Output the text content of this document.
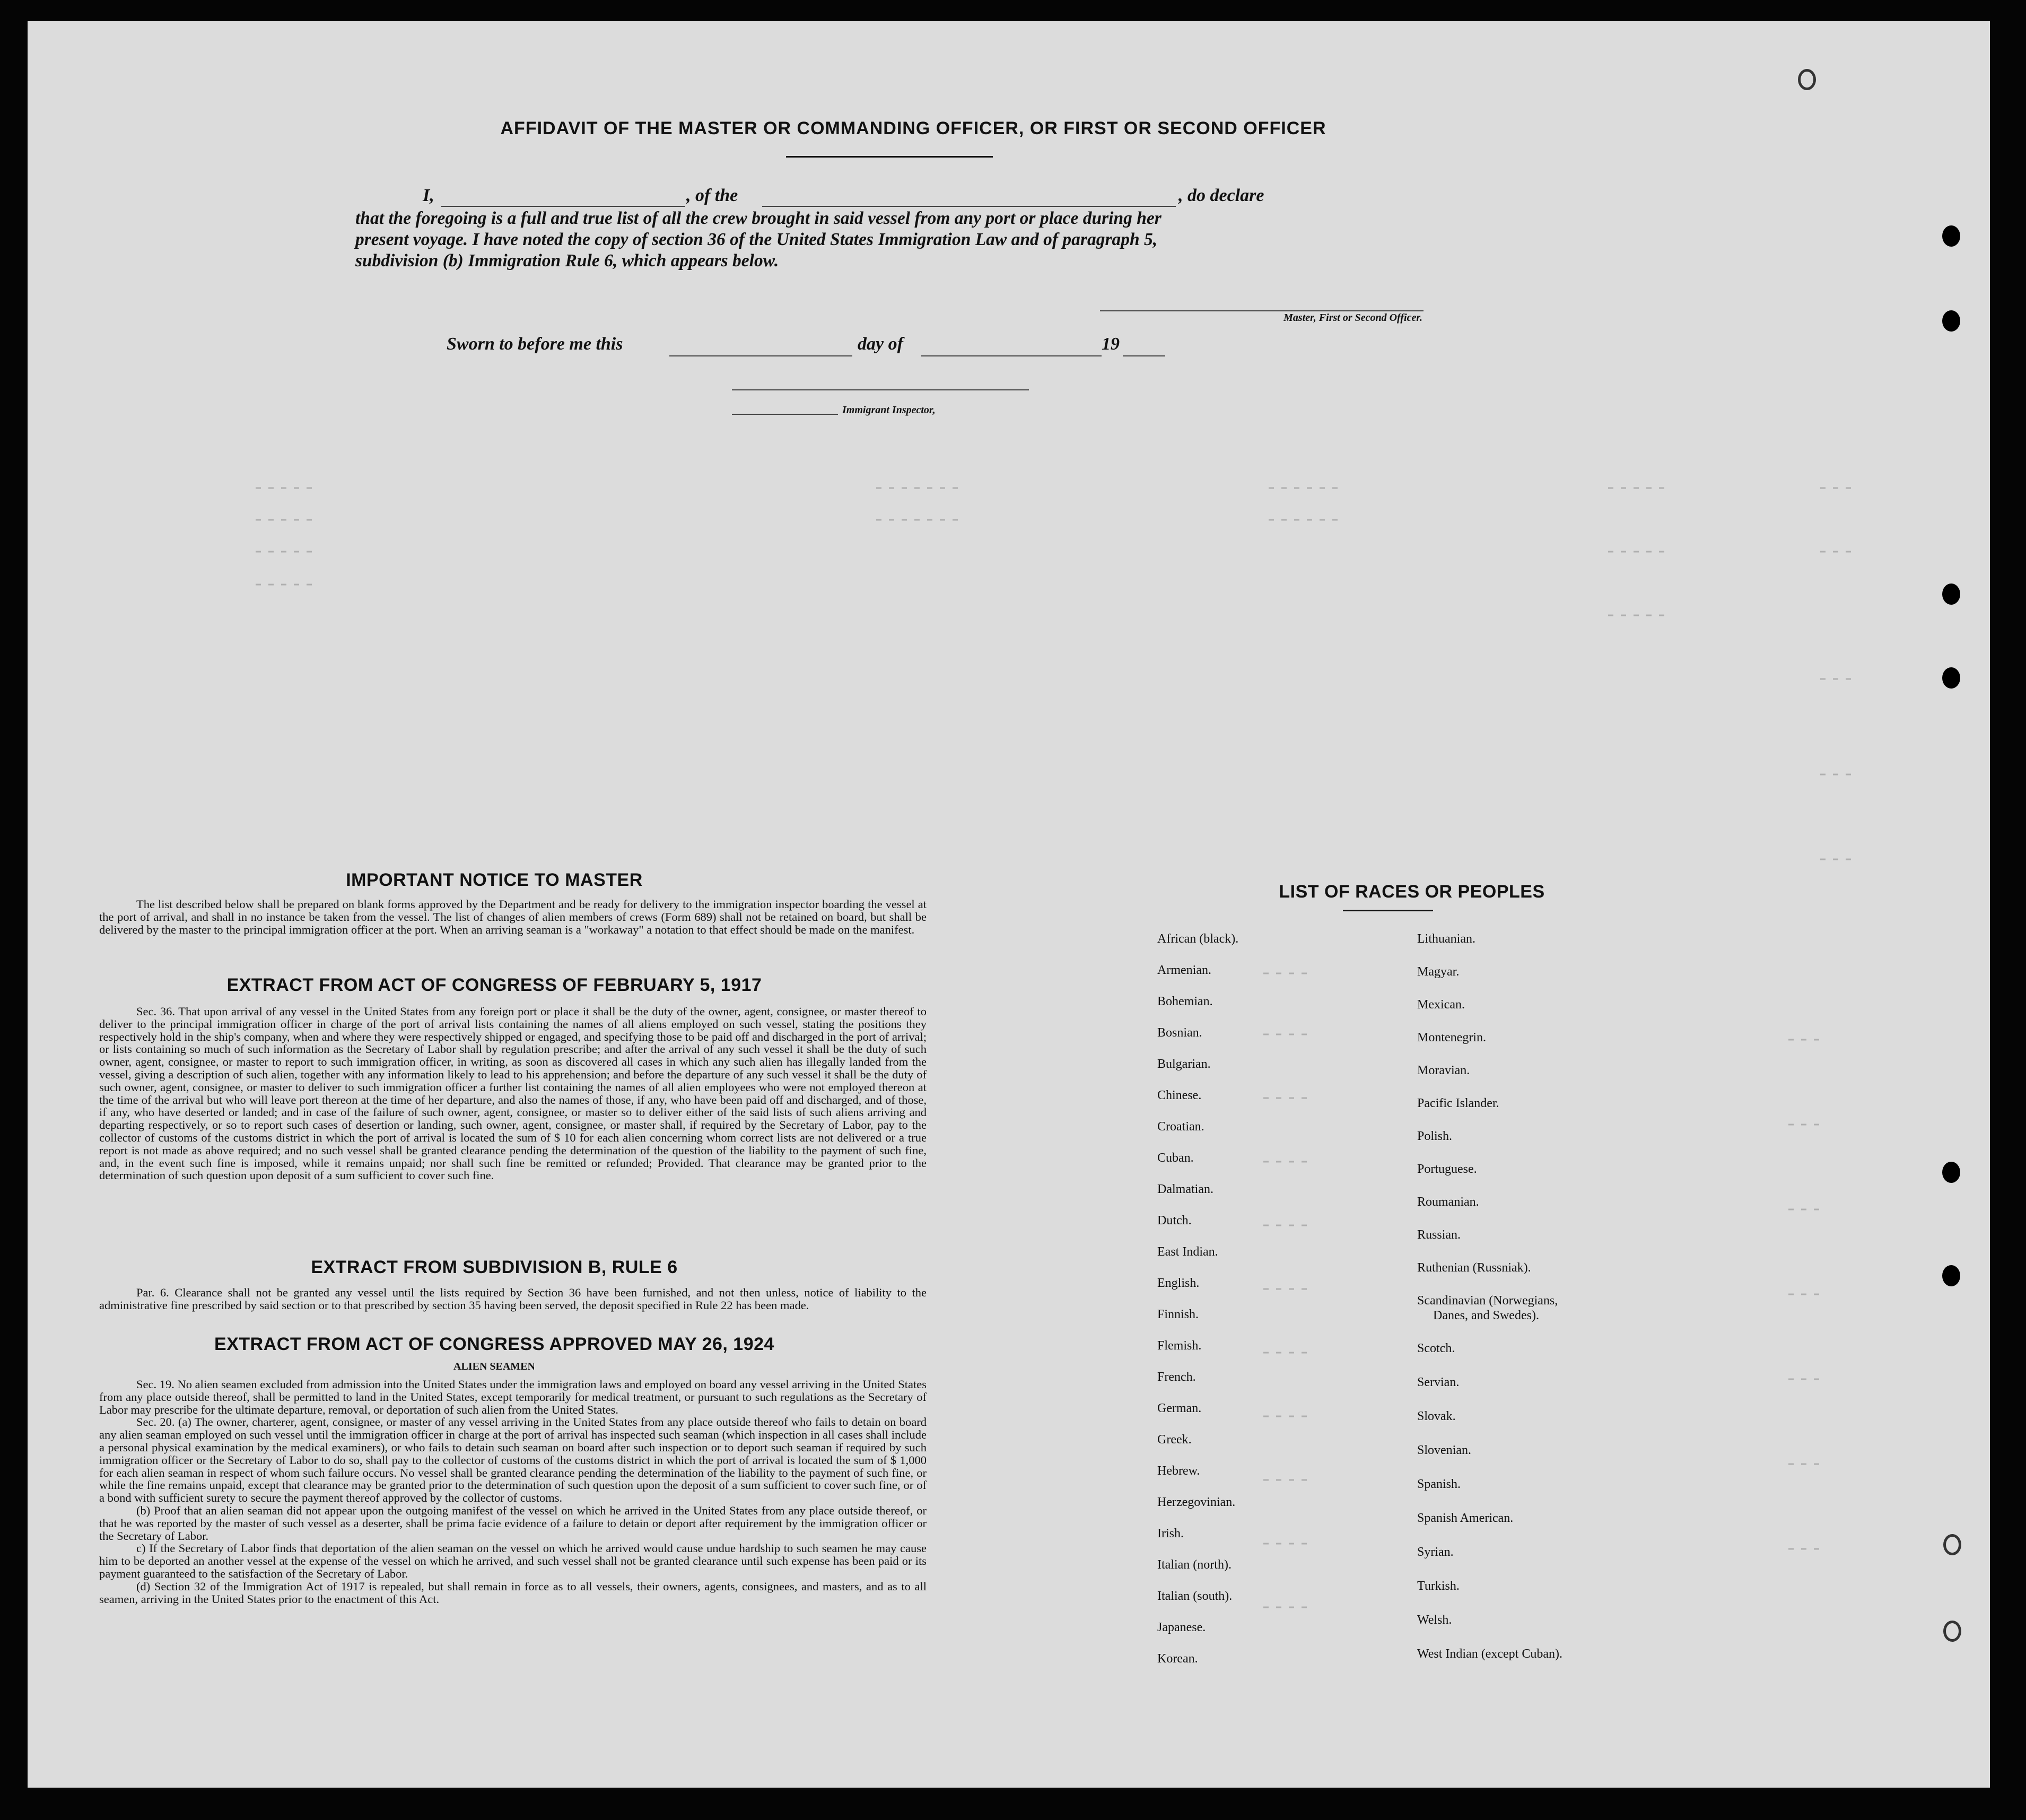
AFFIDAVIT OF THE MASTER OR COMMANDING OFFICER, OR FIRST OR SECOND OFFICER
I,	, of the	, do declare
that the foregoing is a full and true list of all the crew brought in said vessel from any port or place during her
present voyage. I have noted the copy of section 36 of the United States Immigration Law and of paragraph 5,
subdivision (b) Immigration Rule 6, which appears below.
Master, First or Second Officer.
Sworn to before me this	day of	19
Immigrant Inspector,
IMPORTANT NOTICE TO MASTER

The list described below shall be prepared on blank forms approved by the Department and be ready for delivery to the immigration inspector boarding the vessel at the port of arrival, and shall in no instance be taken from the vessel. The list of changes of alien members of crews (Form 689) shall not be retained on board, but shall be delivered by the master to the principal immigration officer at the port. When an arriving seaman is a "workaway" a notation to that effect should be made on the manifest.

EXTRACT FROM ACT OF CONGRESS OF FEBRUARY 5, 1917

Sec. 36. That upon arrival of any vessel in the United States from any foreign port or place it shall be the duty of the owner, agent, consignee, or master thereof to deliver to the principal immigration officer in charge of the port of arrival lists containing the names of all aliens employed on such vessel, stating the positions they respectively hold in the ship's company, when and where they were respectively shipped or engaged, and specifying those to be paid off and discharged in the port of arrival; or lists containing so much of such information as the Secretary of Labor shall by regulation prescribe; and after the arrival of any such vessel it shall be the duty of such owner, agent, consignee, or master to report to such immigration officer, in writing, as soon as discovered all cases in which any such alien has illegally landed from the vessel, giving a description of such alien, together with any information likely to lead to his apprehension; and before the departure of any such vessel it shall be the duty of such owner, agent, consignee, or master to deliver to such immigration officer a further list containing the names of all alien employees who were not employed thereon at the time of the arrival but who will leave port thereon at the time of her departure, and also the names of those, if any, who have been paid off and discharged, and of those, if any, who have deserted or landed; and in case of the failure of such owner, agent, consignee, or master so to deliver either of the said lists of such aliens arriving and departing respectively, or so to report such cases of desertion or landing, such owner, agent, consignee, or master shall, if required by the Secretary of Labor, pay to the collector of customs of the customs district in which the port of arrival is located the sum of $ 10 for each alien concerning whom correct lists are not delivered or a true report is not made as above required; and no such vessel shall be granted clearance pending the determination of the question of the liability to the payment of such fine, and, in the event such fine is imposed, while it remains unpaid; nor shall such fine be remitted or refunded; Provided. That clearance may be granted prior to the determination of such question upon deposit of a sum sufficient to cover such fine.

EXTRACT FROM SUBDIVISION B, RULE 6

Par. 6. Clearance shall not be granted any vessel until the lists required by Section 36 have been furnished, and not then unless, notice of liability to the administrative fine prescribed by said section or to that prescribed by section 35 having been served, the deposit specified in Rule 22 has been made.

EXTRACT FROM ACT OF CONGRESS APPROVED MAY 26, 1924
ALIEN SEAMEN

Sec. 19. No alien seamen excluded from admission into the United States under the immigration laws and employed on board any vessel arriving in the United States from any place outside thereof, shall be permitted to land in the United States, except temporarily for medical treatment, or pursuant to such regulations as the Secretary of Labor may prescribe for the ultimate departure, removal, or deportation of such alien from the United States.

Sec. 20. (a) The owner, charterer, agent, consignee, or master of any vessel arriving in the United States from any place outside thereof who fails to detain on board any alien seaman employed on such vessel until the immigration officer in charge at the port of arrival has inspected such seaman (which inspection in all cases shall include a personal physical examination by the medical examiners), or who fails to detain such seaman on board after such inspection or to deport such seaman if required by such immigration officer or the Secretary of Labor to do so, shall pay to the collector of customs of the customs district in which the port of arrival is located the sum of $ 1,000 for each alien seaman in respect of whom such failure occurs. No vessel shall be granted clearance pending the determination of the liability to the payment of such fine, or while the fine remains unpaid, except that clearance may be granted prior to the determination of such question upon the deposit of a sum sufficient to cover such fine, or of a bond with sufficient surety to secure the payment thereof approved by the collector of customs.

(b) Proof that an alien seaman did not appear upon the outgoing manifest of the vessel on which he arrived in the United States from any place outside thereof, or that he was reported by the master of such vessel as a deserter, shall be prima facie evidence of a failure to detain or deport after requirement by the immigration officer or the Secretary of Labor.

c) If the Secretary of Labor finds that deportation of the alien seaman on the vessel on which he arrived would cause undue hardship to such seamen he may cause him to be deported an another vessel at the expense of the vessel on which he arrived, and such vessel shall not be granted clearance until such expense has been paid or its payment guaranteed to the satisfaction of the Secretary of Labor.

(d) Section 32 of the Immigration Act of 1917 is repealed, but shall remain in force as to all vessels, their owners, agents, consignees, and masters, and as to all seamen, arriving in the United States prior to the enactment of this Act.

LIST OF RACES OR PEOPLES
African (black).
Armenian.
Bohemian.
Bosnian.
Bulgarian.
Chinese.
Croatian.
Cuban.
Dalmatian.
Dutch.
East Indian.
English.
Finnish.
Flemish.
French.
German.
Greek.
Hebrew.
Herzegovinian.
Irish.
Italian (north).
Italian (south).
Japanese.
Korean.
Lithuanian.
Magyar.
Mexican.
Montenegrin.
Moravian.
Pacific Islander.
Polish.
Portuguese.
Roumanian.
Russian.
Ruthenian (Russniak).
Scandinavian (Norwegians,
Danes, and Swedes).
Scotch.
Servian.
Slovak.
Slovenian.
Spanish.
Spanish American.
Syrian.
Turkish.
Welsh.
West Indian (except Cuban).
